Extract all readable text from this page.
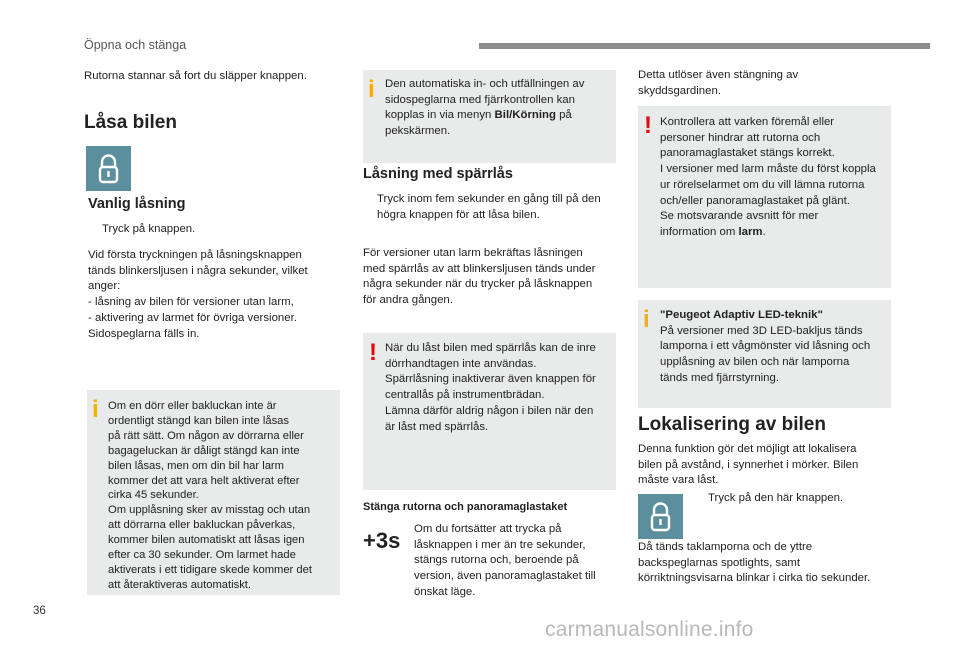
Öppna och stänga
Rutorna stannar så fort du släpper knappen.
Låsa bilen
Vanlig låsning
Tryck på knappen.
Vid första tryckningen på låsningsknappen
tänds blinkersljusen i några sekunder, vilket
anger:
- låsning av bilen för versioner utan larm,
- aktivering av larmet för övriga versioner.
Sidospeglarna fälls in.
i Om en dörr eller bakluckan inte är
ordentligt stängd kan bilen inte låsas
på rätt sätt. Om någon av dörrarna eller
bagageluckan är dåligt stängd kan inte
bilen låsas, men om din bil har larm
kommer det att vara helt aktiverat efter
cirka 45 sekunder.
Om upplåsning sker av misstag och utan
att dörrarna eller bakluckan påverkas,
kommer bilen automatiskt att låsas igen
efter ca 30 sekunder. Om larmet hade
aktiverats i ett tidigare skede kommer det
att återaktiveras automatiskt.
i Den automatiska in- och utfällningen av
sidospeglarna med fjärrkontrollen kan
kopplas in via menyn Bil/Körning på pekskärmen.
Låsning med spärrlås
Tryck inom fem sekunder en gång till på den
högra knappen för att låsa bilen.
För versioner utan larm bekräftas låsningen
med spärrlås av att blinkersljusen tänds under
några sekunder när du trycker på låsknappen
för andra gången.
! När du låst bilen med spärrlås kan de inre
dörrhandtagen inte användas.
Spärrlåsning inaktiverar även knappen för
centrallås på instrumentbrädan.
Lämna därför aldrig någon i bilen när den
är låst med spärrlås.
Stänga rutorna och panoramaglastaket
+3s Om du fortsätter att trycka på
låsknappen i mer än tre sekunder,
stängs rutorna och, beroende på
version, även panoramaglastaket till
önskat läge.
Detta utlöser även stängning av
skyddsgardinen.
! Kontrollera att varken föremål eller
personer hindrar att rutorna och
panoramaglastaket stängs korrekt.
I versioner med larm måste du först koppla
ur rörelselarmet om du vill lämna rutorna
och/eller panoramaglastaket på glänt.
Se motsvarande avsnitt för mer
information om larm.
i "Peugeot Adaptiv LED-teknik"
På versioner med 3D LED-bakljus tänds
lamporna i ett vågmönster vid låsning och
upplåsning av bilen och när lamporna
tänds med fjärrstyrning.
Lokalisering av bilen
Denna funktion gör det möjligt att lokalisera
bilen på avstånd, i synnerhet i mörker. Bilen
måste vara låst.
Tryck på den här knappen.
Då tänds taklamporna och de yttre
backspeglarnas spotlights, samt
körriktningsvisarna blinkar i cirka tio sekunder.
36
carmanualsonline.info
